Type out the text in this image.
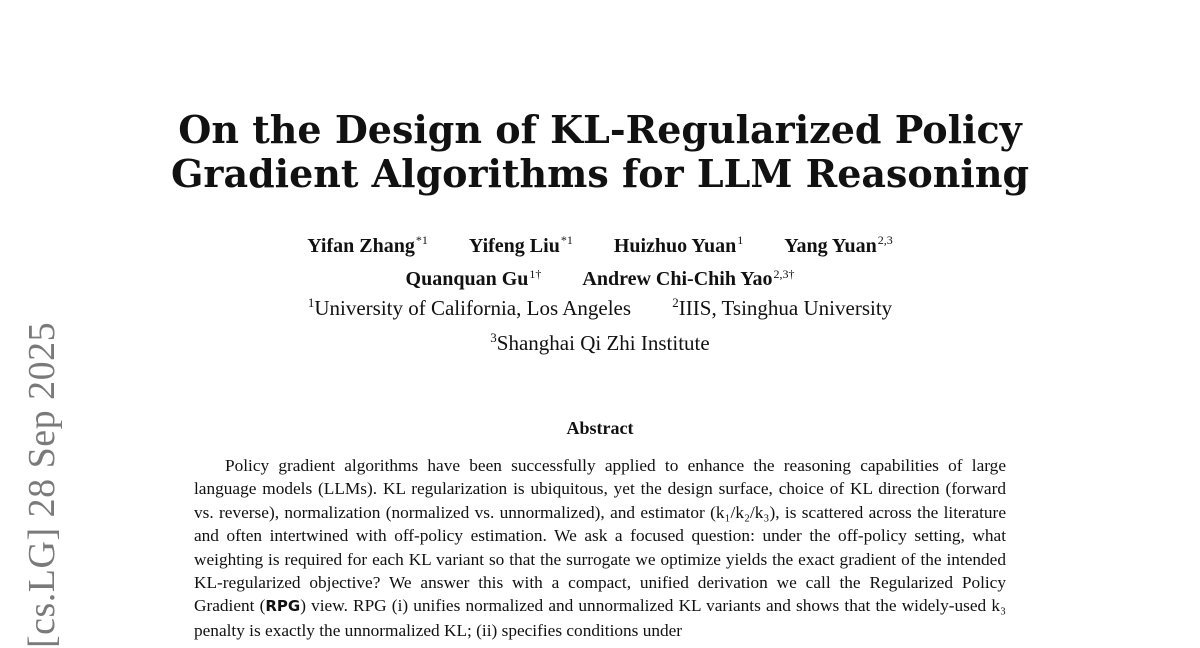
[cs.LG] 28 Sep 2025
On the Design of KL-Regularized Policy
Gradient Algorithms for LLM Reasoning
Yifan Zhang$^{*1}$ Yifeng Liu$^{*1}$ Huizhuo Yuan$^1$ Yang Yuan$^{2,3}$
Quanquan $Gu^{1\dagger}$ Andrew Chi-Chih Yao$^{2,3\dagger}$
$^1$University of California, Los Angeles	$^2$IIIS, Tsinghua University
$^3$Shanghai Qi Zhi Institute
Abstract

Policy gradient algorithms have been successfully applied to enhance the reasoning capabilities of large language models (LLMs). KL regularization is ubiquitous, yet the design surface, choice of KL direction (forward vs. reverse), normalization (normalized vs. unnormalized), and estimator (k₁/k₂/k₃), is scattered across the literature and often intertwined with off-policy estimation. We ask a focused question: under the off-policy setting, what weighting is required for each KL variant so that the surrogate we optimize yields the exact gradient of the intended KL-regularized objective? We answer this with a compact, unified derivation we call the Regularized Policy Gradient (RPG) view. RPG (i) unifies normalized and unnormalized KL variants and shows that the widely-used k₃ penalty is exactly the unnormalized KL; (ii) specifies conditions under
